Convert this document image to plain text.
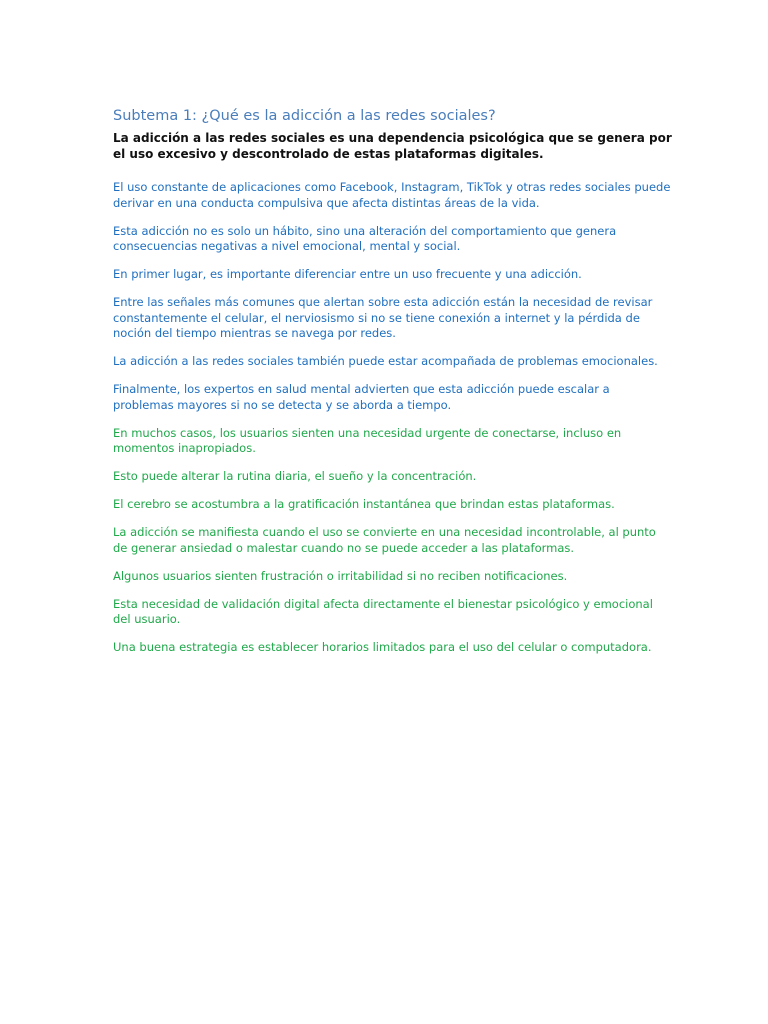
Subtema 1: ¿Qué es la adicción a las redes sociales?

La adicción a las redes sociales es una dependencia psicológica que se genera por el uso excesivo y descontrolado de estas plataformas digitales.

El uso constante de aplicaciones como Facebook, Instagram, TikTok y otras redes sociales puede derivar en una conducta compulsiva que afecta distintas áreas de la vida.

Esta adicción no es solo un hábito, sino una alteración del comportamiento que genera consecuencias negativas a nivel emocional, mental y social.

En primer lugar, es importante diferenciar entre un uso frecuente y una adicción.

Entre las señales más comunes que alertan sobre esta adicción están la necesidad de revisar constantemente el celular, el nerviosismo si no se tiene conexión a internet y la pérdida de noción del tiempo mientras se navega por redes.

La adicción a las redes sociales también puede estar acompañada de problemas emocionales.

Finalmente, los expertos en salud mental advierten que esta adicción puede escalar a problemas mayores si no se detecta y se aborda a tiempo.

En muchos casos, los usuarios sienten una necesidad urgente de conectarse, incluso en momentos inapropiados.

Esto puede alterar la rutina diaria, el sueño y la concentración.

El cerebro se acostumbra a la gratificación instantánea que brindan estas plataformas.

La adicción se manifiesta cuando el uso se convierte en una necesidad incontrolable, al punto de generar ansiedad o malestar cuando no se puede acceder a las plataformas.

Algunos usuarios sienten frustración o irritabilidad si no reciben notificaciones.

Esta necesidad de validación digital afecta directamente el bienestar psicológico y emocional del usuario.

Una buena estrategia es establecer horarios limitados para el uso del celular o computadora.
